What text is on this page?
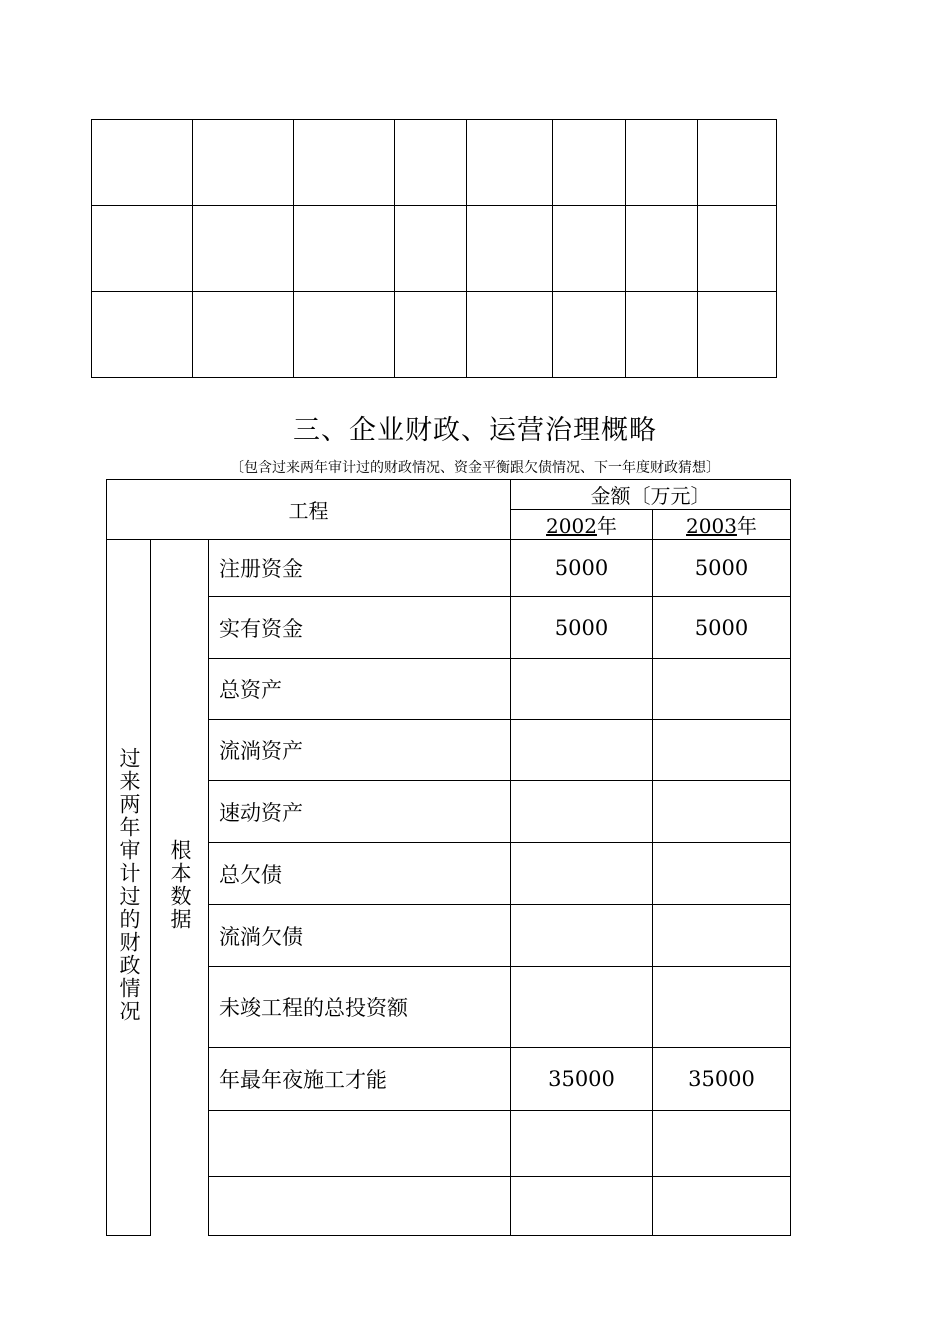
三、企业财政、运营治理概略
〔包含过来两年审计过的财政情况、资金平衡跟欠债情况、下一年度财政猜想〕
工程			金额〔万元〕	
			2002年	2003年
过来两年审计过的财政情况	根本数据	注册资金	5000	5000
		实有资金	5000	5000
		总资产		
		流淌资产		
		速动资产		
		总欠债		
		流淌欠债		
		未竣工程的总投资额		
		年最年夜施工才能	35000	35000
